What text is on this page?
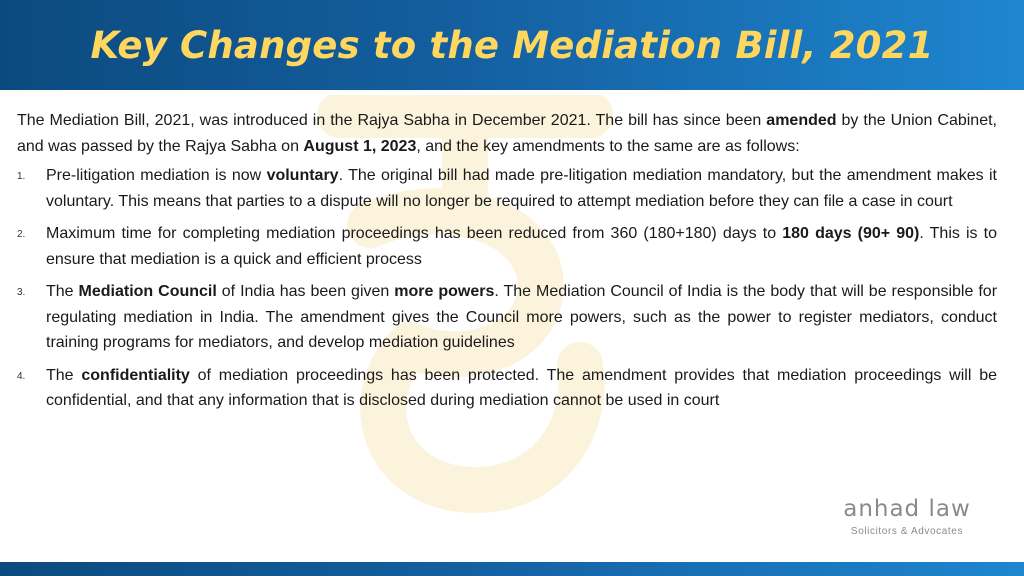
Key Changes to the Mediation Bill, 2021

The Mediation Bill, 2021, was introduced in the Rajya Sabha in December 2021. The bill has since been amended by the Union Cabinet, and was passed by the Rajya Sabha on August 1, 2023, and the key amendments to the same are as follows:

1. Pre-litigation mediation is now voluntary. The original bill had made pre-litigation mediation mandatory, but the amendment makes it voluntary. This means that parties to a dispute will no longer be required to attempt mediation before they can file a case in court
2. Maximum time for completing mediation proceedings has been reduced from 360 (180+180) days to 180 days (90+ 90). This is to ensure that mediation is a quick and efficient process
3. The Mediation Council of India has been given more powers. The Mediation Council of India is the body that will be responsible for regulating mediation in India. The amendment gives the Council more powers, such as the power to register mediators, conduct training programs for mediators, and develop mediation guidelines
4. The confidentiality of mediation proceedings has been protected. The amendment provides that mediation proceedings will be confidential, and that any information that is disclosed during mediation cannot be used in court
anhad law
Solicitors & Advocates
